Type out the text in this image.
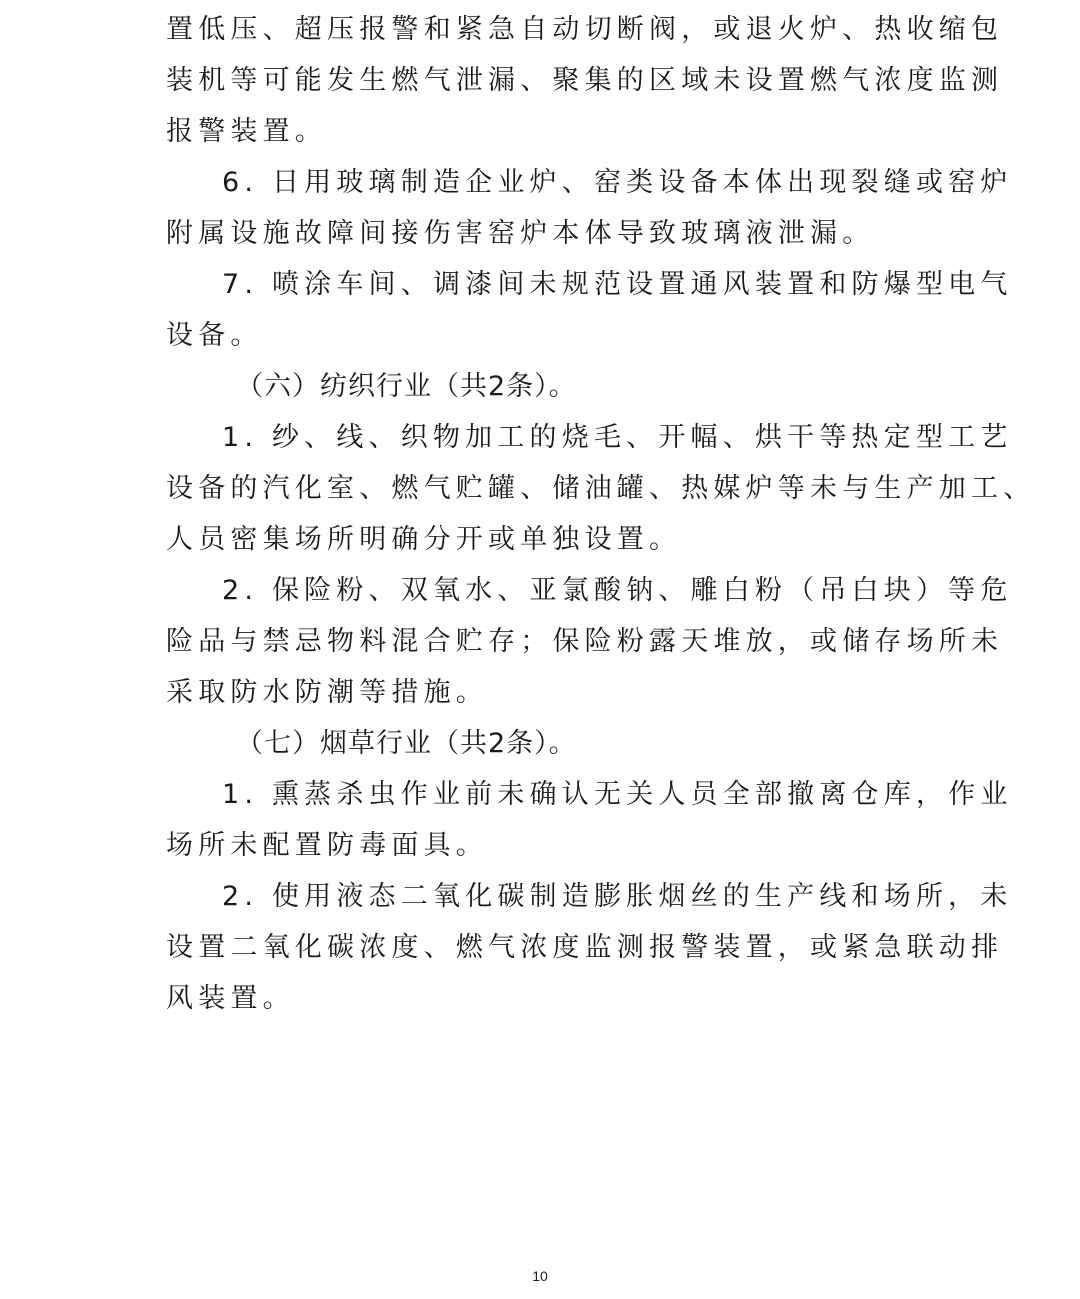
置低压、超压报警和紧急自动切断阀，或退火炉、热收缩包
装机等可能发生燃气泄漏、聚集的区域未设置燃气浓度监测
报警装置。
6. 日用玻璃制造企业炉、窑类设备本体出现裂缝或窑炉
附属设施故障间接伤害窑炉本体导致玻璃液泄漏。
7. 喷涂车间、调漆间未规范设置通风装置和防爆型电气
设备。
（六）纺织行业（共2条）。
1. 纱、线、织物加工的烧毛、开幅、烘干等热定型工艺
设备的汽化室、燃气贮罐、储油罐、热媒炉等未与生产加工、
人员密集场所明确分开或单独设置。
2. 保险粉、双氧水、亚氯酸钠、雕白粉（吊白块）等危
险品与禁忌物料混合贮存；保险粉露天堆放，或储存场所未
采取防水防潮等措施。
（七）烟草行业（共2条）。
1. 熏蒸杀虫作业前未确认无关人员全部撤离仓库，作业
场所未配置防毒面具。
2. 使用液态二氧化碳制造膨胀烟丝的生产线和场所，未
设置二氧化碳浓度、燃气浓度监测报警装置，或紧急联动排
风装置。
10
